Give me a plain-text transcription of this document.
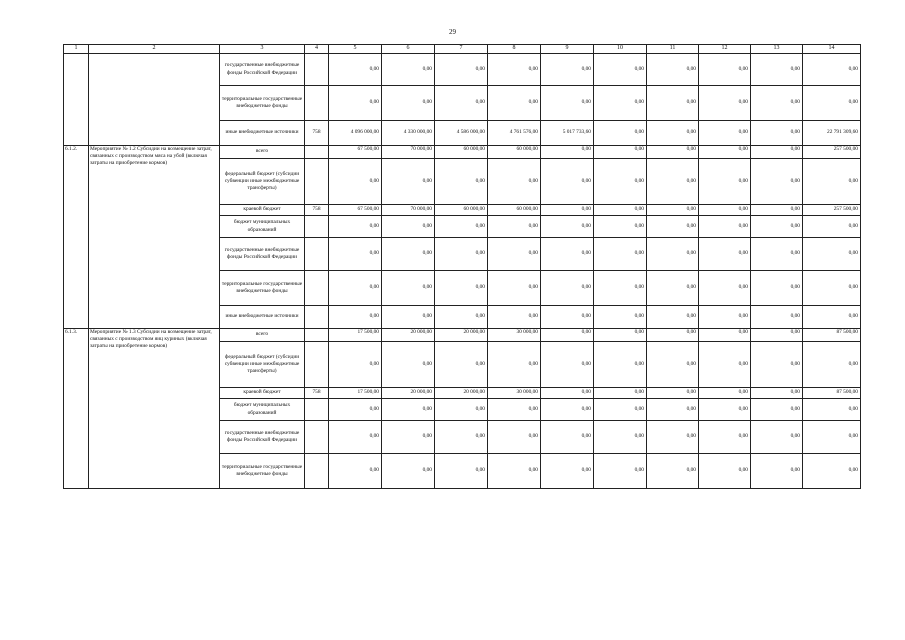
29
1	2	3	4	5	6	7	8	9	10	11	12	13	14
		государственные внебюджетные фонды Российской Федерации		0,00	0,00	0,00	0,00	0,00	0,00	0,00	0,00	0,00	0,00
		территориальные государственные внебюджетные фонды		0,00	0,00	0,00	0,00	0,00	0,00	0,00	0,00	0,00	0,00
		иные внебюджетные источники	758	4 096 000,00	4 330 000,00	4 586 000,00	4 761 576,00	5 017 733,60	0,00	0,00	0,00	0,00	22 791 309,60
6.1.2.	Мероприятие № 1.2 Субсидии на возмещение затрат, связанных с производством мяса на убой (включая затраты на приобретение кормов)	всего		67 500,00	70 000,00	60 000,00	60 000,00	0,00	0,00	0,00	0,00	0,00	257 500,00
		федеральный бюджет (субсидии субвенции иные межбюджетные трансферты)		0,00	0,00	0,00	0,00	0,00	0,00	0,00	0,00	0,00	0,00
		краевой бюджет	758	67 500,00	70 000,00	60 000,00	60 000,00	0,00	0,00	0,00	0,00	0,00	257 500,00
		бюджет муниципальных образований		0,00	0,00	0,00	0,00	0,00	0,00	0,00	0,00	0,00	0,00
		государственные внебюджетные фонды Российской Федерации		0,00	0,00	0,00	0,00	0,00	0,00	0,00	0,00	0,00	0,00
		территориальные государственные внебюджетные фонды		0,00	0,00	0,00	0,00	0,00	0,00	0,00	0,00	0,00	0,00
		иные внебюджетные источники		0,00	0,00	0,00	0,00	0,00	0,00	0,00	0,00	0,00	0,00
6.1.3.	Мероприятие № 1.3 Субсидии на возмещение затрат, связанных с производством яиц куриных (включая затраты на приобретение кормов)	всего		17 500,00	20 000,00	20 000,00	30 000,00	0,00	0,00	0,00	0,00	0,00	87 500,00
		федеральный бюджет (субсидии субвенции иные межбюджетные трансферты)		0,00	0,00	0,00	0,00	0,00	0,00	0,00	0,00	0,00	0,00
		краевой бюджет	758	17 500,00	20 000,00	20 000,00	30 000,00	0,00	0,00	0,00	0,00	0,00	87 500,00
		бюджет муниципальных образований		0,00	0,00	0,00	0,00	0,00	0,00	0,00	0,00	0,00	0,00
		государственные внебюджетные фонды Российской Федерации		0,00	0,00	0,00	0,00	0,00	0,00	0,00	0,00	0,00	0,00
		территориальные государственные внебюджетные фонды		0,00	0,00	0,00	0,00	0,00	0,00	0,00	0,00	0,00	0,00
